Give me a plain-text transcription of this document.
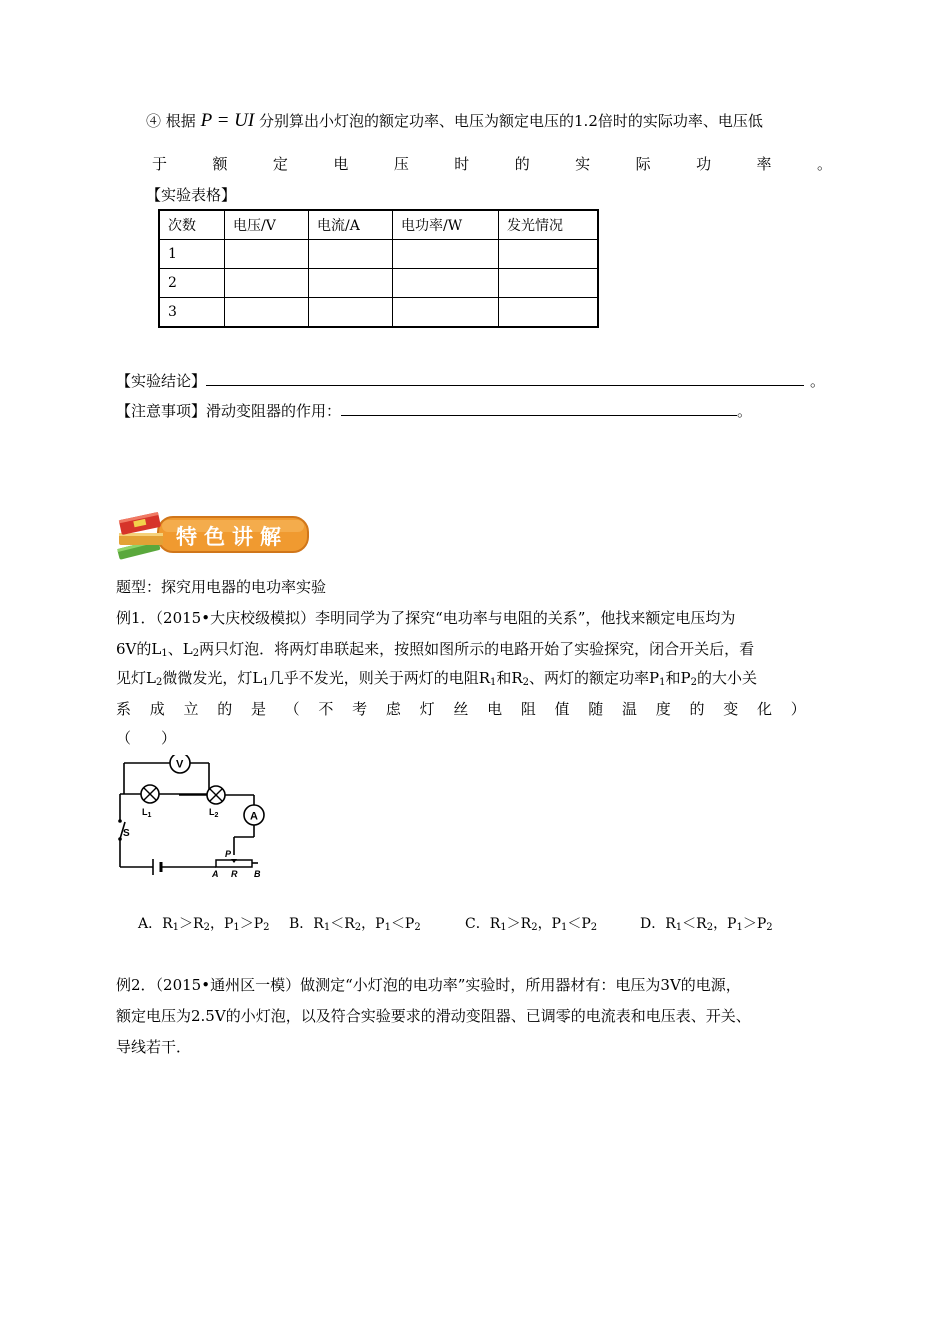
④ 根据 P = UI 分别算出小灯泡的额定功率、电压为额定电压的1.2倍时的实际功率、电压低
于	额	定	电	压	时	的	实	际	功	率	。
【实验表格】
次数	电压/V	电流/A	电功率/W	发光情况
1				
2				
3				
【实验结论】	。
【注意事项】滑动变阻器的作用：	。
特色讲解
题型：探究用电器的电功率实验
例1．（2015•大庆校级模拟）李明同学为了探究“电功率与电阻的关系”，他找来额定电压均为
6V的$L_1$、$L_2$两只灯泡．将两灯串联起来，按照如图所示的电路开始了实验探究，闭合开关后，看
见灯$L_2$微微发光，灯$L_1$几乎不发光，则关于两灯的电阻$R_1$和$R_2$、两灯的额定功率$P_1$和$P_2$的大小关
系 成 立 的 是 （ 不 考 虑 灯 丝 电 阻 值 随 温 度 的 变 化 ）
（　　）
V
A
$L_1$	$L_2$
S
P
A R B
A．$R_1>R_2$，$P_1>P_2$ B．$R_1<R_2$，$P_1<P_2$	C．$R_1>R_2$，$P_1<P_2$	D．$R_1<R_2$，$P_1>P_2$
例2．（2015•通州区一模）做测定“小灯泡的电功率”实验时，所用器材有：电压为3V的电源，
额定电压为2.5V的小灯泡，以及符合实验要求的滑动变阻器、已调零的电流表和电压表、开关、
导线若干．
